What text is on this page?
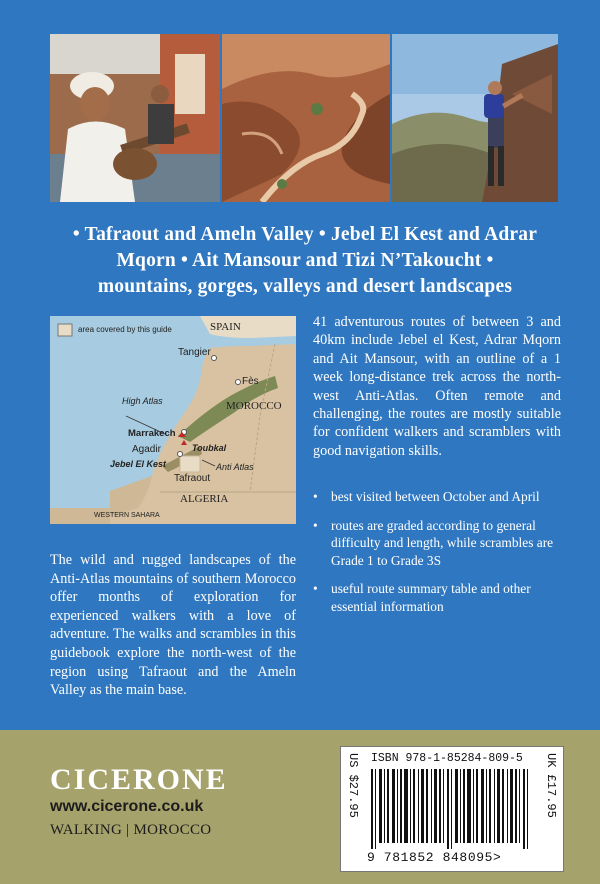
• Tafraout and Ameln Valley • Jebel El Kest and Adrar
Mqorn • Ait Mansour and Tizi N’Takoucht •
mountains, gorges, valleys and desert landscapes
area covered by this guide	SPAIN
Tangier
Fès
High Atlas	MOROCCO
Marrakech
Agadir	Toubkal
Jebel El Kest	Anti Atlas
Tafraout
ALGERIA
WESTERN SAHARA

41 adventurous routes of between 3 and 40km include Jebel el Kest, Adrar Mqorn and Ait Mansour, with an outline of a 1 week long-distance trek across the north-west Anti-Atlas. Often remote and challenging, the routes are mostly suitable for confident walkers and scramblers with good navigation skills.

• best visited between October and April
• routes are graded according to general difficulty and length, while scrambles are Grade 1 to Grade 3S
• useful route summary table and other essential information

The wild and rugged landscapes of the Anti-Atlas mountains of southern Morocco offer months of exploration for experienced walkers with a love of adventure. The walks and scrambles in this guidebook explore the north-west of the region using Tafraout and the Ameln Valley as the main base.

CICERONE
www.cicerone.co.uk
WALKING | MOROCCO
US $27.95	UK £17.95
ISBN 978-1-85284-809-5
9 781852 848095>
